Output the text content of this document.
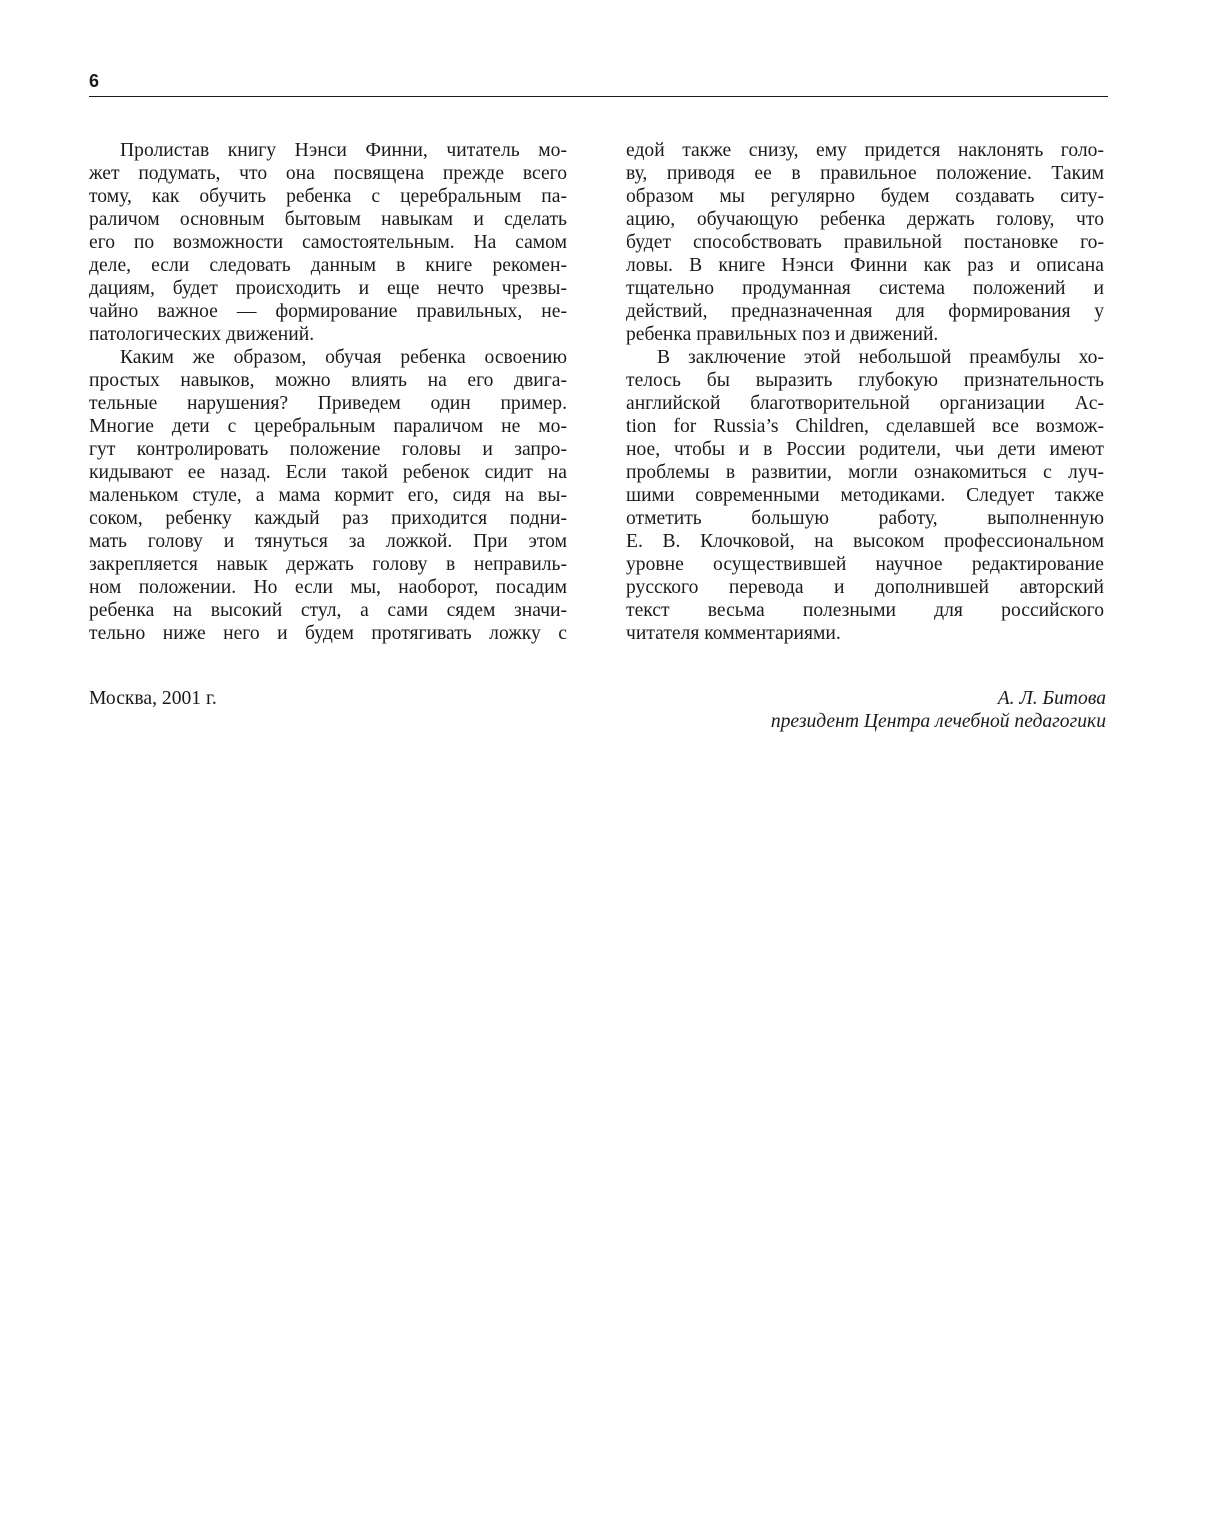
6
Пролистав книгу Нэнси Финни, читатель мо-
жет подумать, что она посвящена прежде всего
тому, как обучить ребенка с церебральным па-
раличом основным бытовым навыкам и сделать
его по возможности самостоятельным. На самом
деле, если следовать данным в книге рекомен-
дациям, будет происходить и еще нечто чрезвы-
чайно важное — формирование правильных, не-
патологических движений.
Каким же образом, обучая ребенка освоению
простых навыков, можно влиять на его двига-
тельные нарушения? Приведем один пример.
Многие дети с церебральным параличом не мо-
гут контролировать положение головы и запро-
кидывают ее назад. Если такой ребенок сидит на
маленьком стуле, а мама кормит его, сидя на вы-
соком, ребенку каждый раз приходится подни-
мать голову и тянуться за ложкой. При этом
закрепляется навык держать голову в неправиль-
ном положении. Но если мы, наоборот, посадим
ребенка на высокий стул, а сами сядем значи-
тельно ниже него и будем протягивать ложку с
едой также снизу, ему придется наклонять голо-
ву, приводя ее в правильное положение. Таким
образом мы регулярно будем создавать ситу-
ацию, обучающую ребенка держать голову, что
будет способствовать правильной постановке го-
ловы. В книге Нэнси Финни как раз и описана
тщательно продуманная система положений и
действий, предназначенная для формирования у
ребенка правильных поз и движений.
В заключение этой небольшой преамбулы хо-
телось бы выразить глубокую признательность
английской благотворительной организации Ac-
tion for Russia’s Children, сделавшей все возмож-
ное, чтобы и в России родители, чьи дети имеют
проблемы в развитии, могли ознакомиться с луч-
шими современными методиками. Следует также
отметить большую работу, выполненную
Е. В. Клочковой, на высоком профессиональном
уровне осуществившей научное редактирование
русского перевода и дополнившей авторский
текст весьма полезными для российского
читателя комментариями.
Москва, 2001 г.	А. Л. Битова
президент Центра лечебной педагогики
